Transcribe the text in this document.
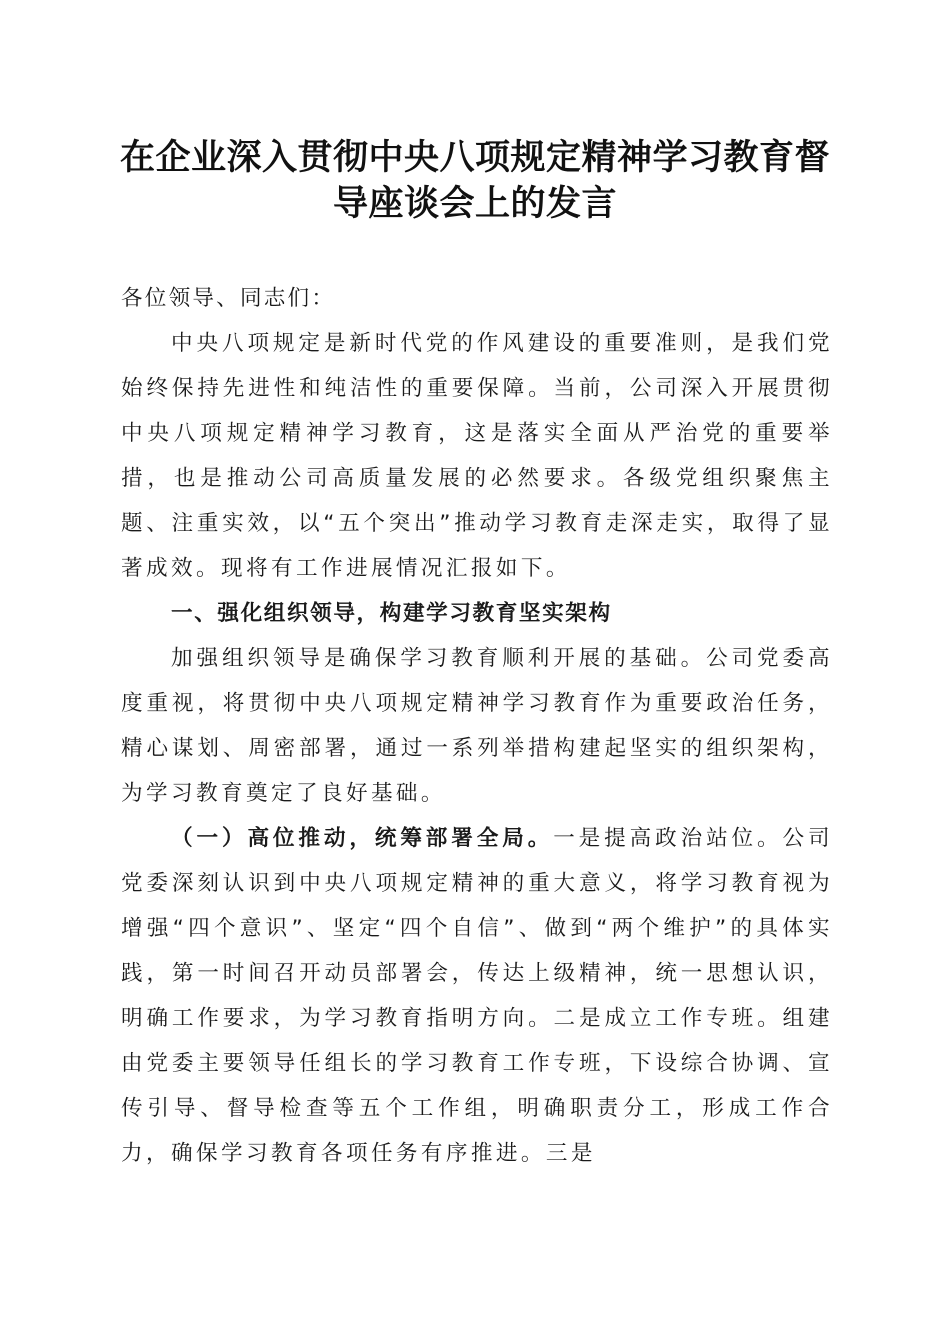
在企业深入贯彻中央八项规定精神学习教育督导座谈会上的发言

各位领导、同志们：

中央八项规定是新时代党的作风建设的重要准则，是我们党始终保持先进性和纯洁性的重要保障。当前，公司深入开展贯彻中央八项规定精神学习教育，这是落实全面从严治党的重要举措，也是推动公司高质量发展的必然要求。各级党组织聚焦主题、注重实效，以“五个突出”推动学习教育走深走实，取得了显著成效。现将有工作进展情况汇报如下。

一、强化组织领导，构建学习教育坚实架构

加强组织领导是确保学习教育顺利开展的基础。公司党委高度重视，将贯彻中央八项规定精神学习教育作为重要政治任务，精心谋划、周密部署，通过一系列举措构建起坚实的组织架构，为学习教育奠定了良好基础。

（一）高位推动，统筹部署全局。一是提高政治站位。公司党委深刻认识到中央八项规定精神的重大意义，将学习教育视为增强“四个意识”、坚定“四个自信”、做到“两个维护”的具体实践，第一时间召开动员部署会，传达上级精神，统一思想认识，明确工作要求，为学习教育指明方向。二是成立工作专班。组建由党委主要领导任组长的学习教育工作专班，下设综合协调、宣传引导、督导检查等五个工作组，明确职责分工，形成工作合力，确保学习教育各项任务有序推进。三是
